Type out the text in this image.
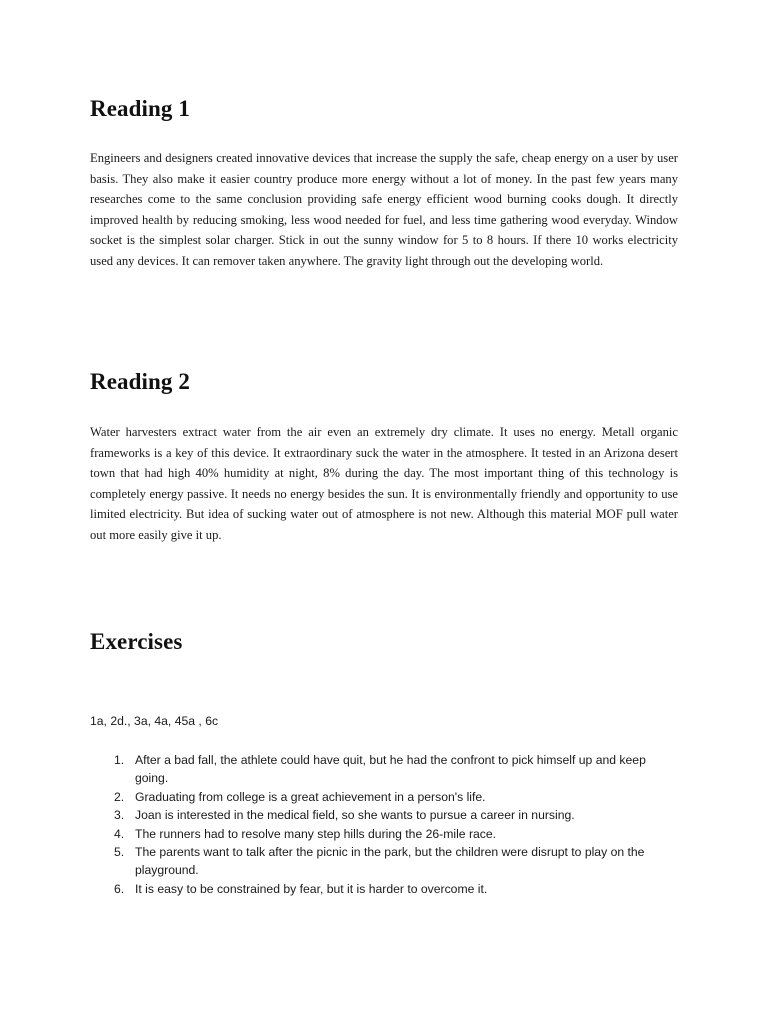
Reading 1

Engineers and designers created innovative devices that increase the supply the safe, cheap energy on a user by user basis. They also make it easier country produce more energy without a lot of money. In the past few years many researches come to the same conclusion providing safe energy efficient wood burning cooks dough. It directly improved health by reducing smoking, less wood needed for fuel, and less time gathering wood everyday. Window socket is the simplest solar charger. Stick in out the sunny window for 5 to 8 hours. If there 10 works electricity used any devices. It can remover taken anywhere. The gravity light through out the developing world.

Reading 2

Water harvesters extract water from the air even an extremely dry climate. It uses no energy. Metall organic frameworks is a key of this device. It extraordinary suck the water in the atmosphere. It tested in an Arizona desert town that had high 40% humidity at night, 8% during the day. The most important thing of this technology is completely energy passive. It needs no energy besides the sun. It is environmentally friendly and opportunity to use limited electricity. But idea of sucking water out of atmosphere is not new. Although this material MOF pull water out more easily give it up.

Exercises
1a, 2d., 3a, 4a, 45a , 6c
1. After a bad fall, the athlete could have quit, but he had the confront to pick himself up and keep going.
2. Graduating from college is a great achievement in a person's life.
3. Joan is interested in the medical field, so she wants to pursue a career in nursing.
4. The runners had to resolve many step hills during the 26-mile race.
5. The parents want to talk after the picnic in the park, but the children were disrupt to play on the playground.
6. It is easy to be constrained by fear, but it is harder to overcome it.
